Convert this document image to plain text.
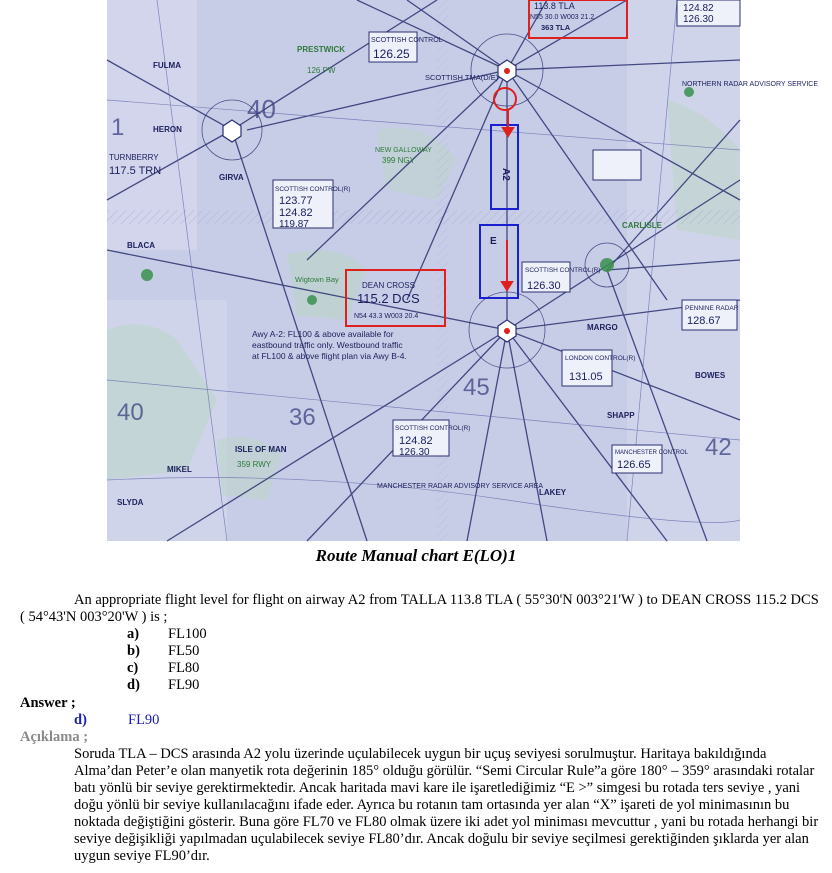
113.8 TLA
N55 30.0 W003 21.2
363 TLA
SCOTTISH CONTROL
126.25
PRESTWICK
126 PW
SCOTTISH TMA(D/E)
NEW GALLOWAY
399 NGY
SCOTTISH CONTROL(R)
123.77
124.82
119.87
DEAN CROSS
115.2 DCS
N54 43.3 W003 20.4
SCOTTISH CONTROL(R)
126.30
Awy A-2: FL100 & above available for
eastbound traffic only. Westbound traffic
at FL100 & above flight plan via Awy B-4.
MARGO
LONDON CONTROL(R)
131.05
SCOTTISH CONTROL(R)
124.82
126.30
ISLE OF MAN
359 RWY
MANCHESTER CONTROL
126.65
MANCHESTER RADAR ADVISORY SERVICE AREA
LAKEY
SHAPP
PENNINE RADAR
128.67
BOWES
CARLISLE
NORTHERN RADAR ADVISORY SERVICE
124.82
126.30
TURNBERRY
117.5 TRN
GIRVA
HERON
FULMA
BLACA
MIKEL
SLYDA
Wigtown Bay
40
40	36
45
42
1
A2
E
Route Manual chart E(LO)1

An appropriate flight level for flight on airway A2 from TALLA 113.8 TLA ( 55°30'N 003°21'W ) to DEAN CROSS 115.2 DCS ( 54°43'N 003°20'W ) is ;

a) FL100
b) FL50
c) FL80
d) FL90
Answer ;
d)	FL90
Açıklama ;

Soruda TLA – DCS arasında A2 yolu üzerinde uçulabilecek uygun bir uçuş seviyesi sorulmuştur. Haritaya bakıldığında Alma’dan Peter’e olan manyetik rota değerinin 185° olduğu görülür. “Semi Circular Rule”a göre 180° – 359° arasındaki rotalar batı yönlü bir seviye gerektirmektedir. Ancak haritada mavi kare ile işaretlediğimiz “E >” simgesi bu rotada ters seviye , yani doğu yönlü bir seviye kullanılacağını ifade eder. Ayrıca bu rotanın tam ortasında yer alan “X” işareti de yol minimasının bu noktada değiştiğini gösterir. Buna göre FL70 ve FL80 olmak üzere iki adet yol miniması mevcuttur , yani bu rotada herhangi bir seviye değişikliği yapılmadan uçulabilecek seviye FL80’dır. Ancak doğulu bir seviye seçilmesi gerektiğinden şıklarda yer alan uygun seviye FL90’dır.
